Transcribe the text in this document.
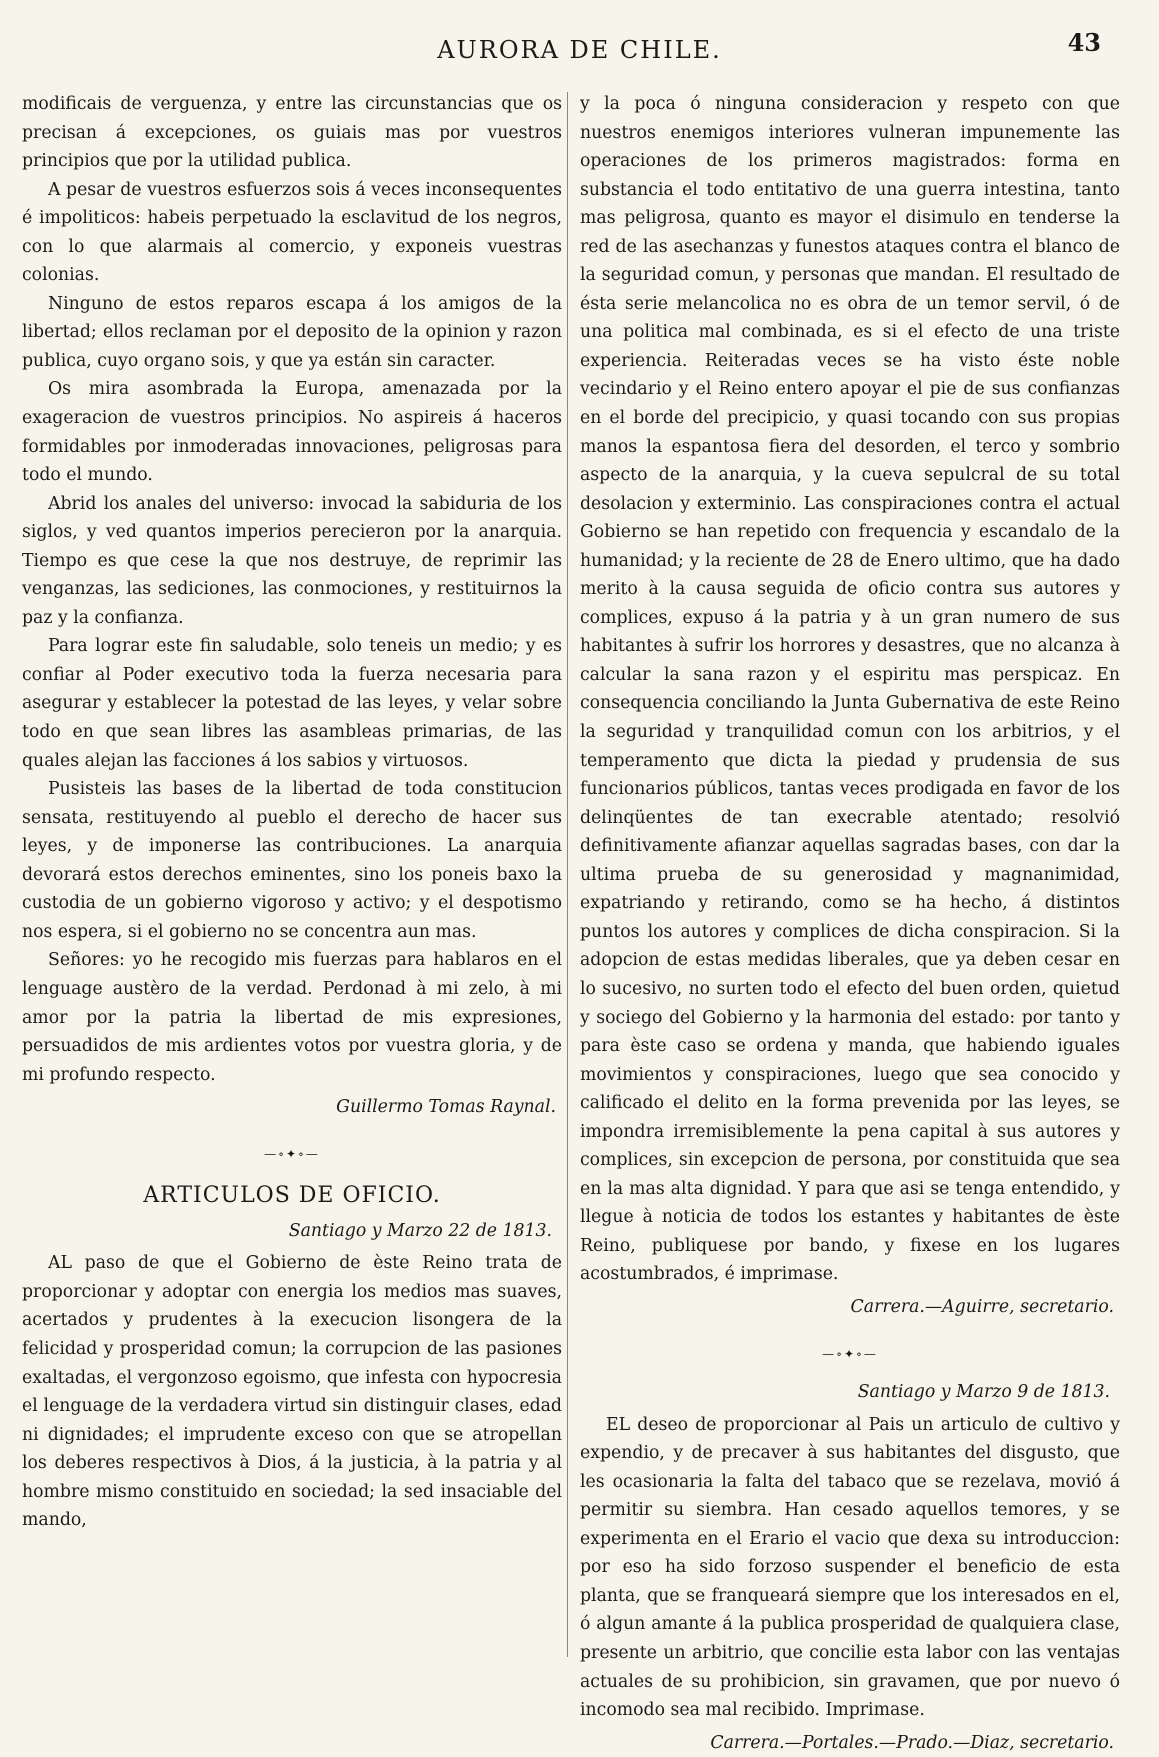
AURORA DE CHILE.	43

modificais de verguenza, y entre las circunstancias que os precisan á excepciones, os guiais mas por vuestros principios que por la utilidad publica.

A pesar de vuestros esfuerzos sois á veces inconsequentes é impoliticos: habeis perpetuado la esclavitud de los negros, con lo que alarmais al comercio, y exponeis vuestras colonias.

Ninguno de estos reparos escapa á los amigos de la libertad; ellos reclaman por el deposito de la opinion y razon publica, cuyo organo sois, y que ya están sin caracter.

Os mira asombrada la Europa, amenazada por la exageracion de vuestros principios. No aspireis á haceros formidables por inmoderadas innovaciones, peligrosas para todo el mundo.

Abrid los anales del universo: invocad la sabiduria de los siglos, y ved quantos imperios perecieron por la anarquia. Tiempo es que cese la que nos destruye, de reprimir las venganzas, las sediciones, las conmociones, y restituirnos la paz y la confianza.

Para lograr este fin saludable, solo teneis un medio; y es confiar al Poder executivo toda la fuerza necesaria para asegurar y establecer la potestad de las leyes, y velar sobre todo en que sean libres las asambleas primarias, de las quales alejan las facciones á los sabios y virtuosos.

Pusisteis las bases de la libertad de toda constitucion sensata, restituyendo al pueblo el derecho de hacer sus leyes, y de imponerse las contribuciones. La anarquia devorará estos derechos eminentes, sino los poneis baxo la custodia de un gobierno vigoroso y activo; y el despotismo nos espera, si el gobierno no se concentra aun mas.

Señores: yo he recogido mis fuerzas para hablaros en el lenguage austèro de la verdad. Perdonad à mi zelo, à mi amor por la patria la libertad de mis expresiones, persuadidos de mis ardientes votos por vuestra gloria, y de mi profundo respecto.

Guillermo Tomas Raynal.

—∘✦∘—
ARTICULOS DE OFICIO.

Santiago y Marzo 22 de 1813.

AL paso de que el Gobierno de èste Reino trata de proporcionar y adoptar con energia los medios mas suaves, acertados y prudentes à la execucion lisongera de la felicidad y prosperidad comun; la corrupcion de las pasiones exaltadas, el vergonzoso egoismo, que infesta con hypocresia el lenguage de la verdadera virtud sin distinguir clases, edad ni dignidades; el imprudente exceso con que se atropellan los deberes respectivos à Dios, á la justicia, à la patria y al hombre mismo constituido en sociedad; la sed insaciable del mando,

y la poca ó ninguna consideracion y respeto con que nuestros enemigos interiores vulneran impunemente las operaciones de los primeros magistrados: forma en substancia el todo entitativo de una guerra intestina, tanto mas peligrosa, quanto es mayor el disimulo en tenderse la red de las asechanzas y funestos ataques contra el blanco de la seguridad comun, y personas que mandan. El resultado de ésta serie melancolica no es obra de un temor servil, ó de una politica mal combinada, es si el efecto de una triste experiencia. Reiteradas veces se ha visto éste noble vecindario y el Reino entero apoyar el pie de sus confianzas en el borde del precipicio, y quasi tocando con sus propias manos la espantosa fiera del desorden, el terco y sombrio aspecto de la anarquia, y la cueva sepulcral de su total desolacion y exterminio. Las conspiraciones contra el actual Gobierno se han repetido con frequencia y escandalo de la humanidad; y la reciente de 28 de Enero ultimo, que ha dado merito à la causa seguida de oficio contra sus autores y complices, expuso á la patria y à un gran numero de sus habitantes à sufrir los horrores y desastres, que no alcanza à calcular la sana razon y el espiritu mas perspicaz. En consequencia conciliando la Junta Gubernativa de este Reino la seguridad y tranquilidad comun con los arbitrios, y el temperamento que dicta la piedad y prudensia de sus funcionarios públicos, tantas veces prodigada en favor de los delinqüentes de tan execrable atentado; resolvió definitivamente afianzar aquellas sagradas bases, con dar la ultima prueba de su generosidad y magnanimidad, expatriando y retirando, como se ha hecho, á distintos puntos los autores y complices de dicha conspiracion. Si la adopcion de estas medidas liberales, que ya deben cesar en lo sucesivo, no surten todo el efecto del buen orden, quietud y sociego del Gobierno y la harmonia del estado: por tanto y para èste caso se ordena y manda, que habiendo iguales movimientos y conspiraciones, luego que sea conocido y calificado el delito en la forma prevenida por las leyes, se impondra irremisiblemente la pena capital à sus autores y complices, sin excepcion de persona, por constituida que sea en la mas alta dignidad. Y para que asi se tenga entendido, y llegue à noticia de todos los estantes y habitantes de èste Reino, publiquese por bando, y fixese en los lugares acostumbrados, é imprimase.

Carrera.—Aguirre, secretario.

—∘✦∘—

Santiago y Marzo 9 de 1813.

EL deseo de proporcionar al Pais un articulo de cultivo y expendio, y de precaver à sus habitantes del disgusto, que les ocasionaria la falta del tabaco que se rezelava, movió á permitir su siembra. Han cesado aquellos temores, y se experimenta en el Erario el vacio que dexa su introduccion: por eso ha sido forzoso suspender el beneficio de esta planta, que se franqueará siempre que los interesados en el, ó algun amante á la publica prosperidad de qualquiera clase, presente un arbitrio, que concilie esta labor con las ventajas actuales de su prohibicion, sin gravamen, que por nuevo ó incomodo sea mal recibido. Imprimase.

Carrera.—Portales.—Prado.—Diaz, secretario.
